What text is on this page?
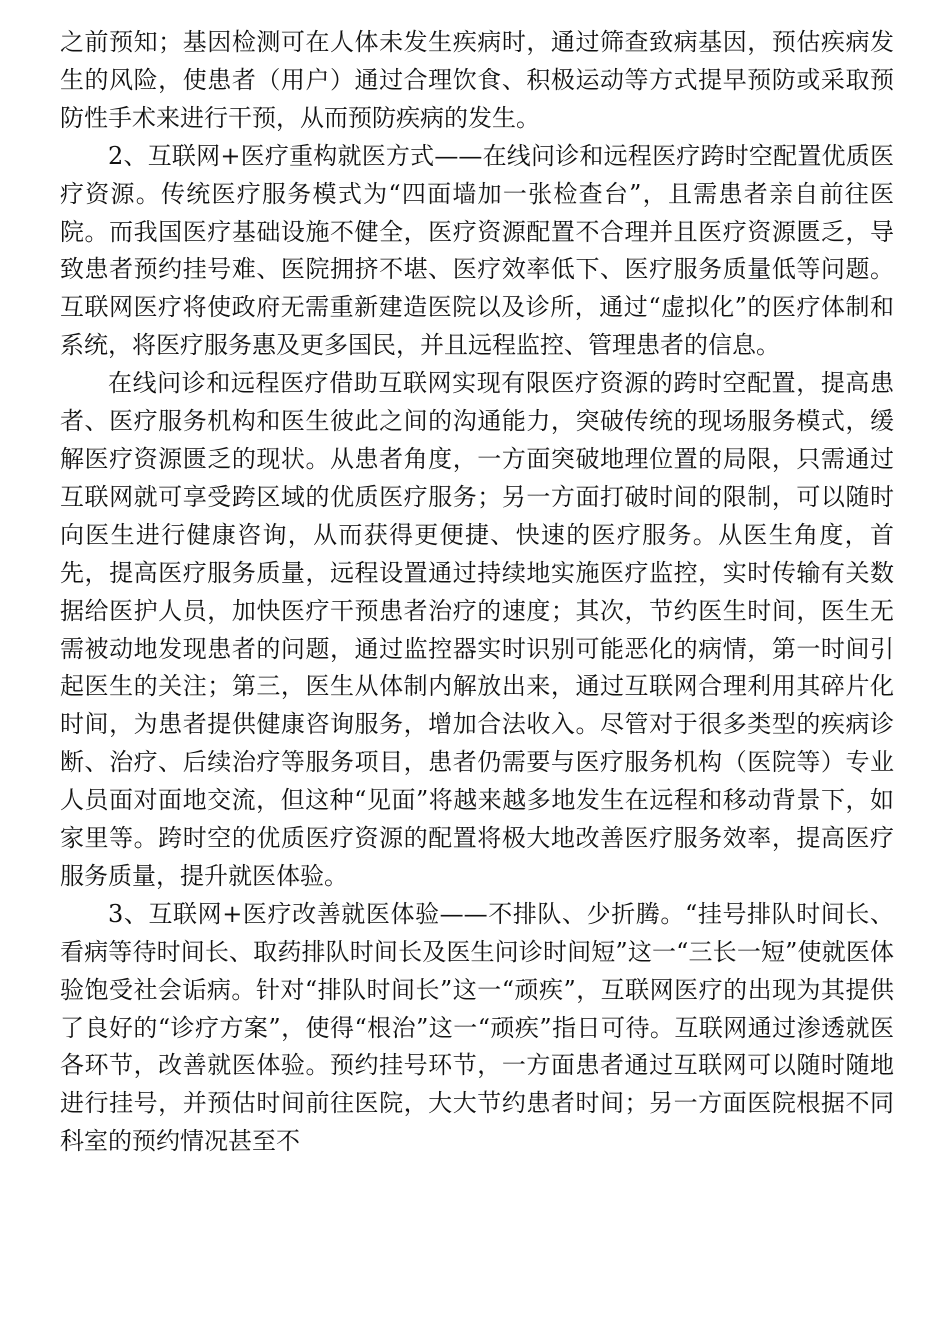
之前预知；基因检测可在人体未发生疾病时，通过筛查致病基因，预估疾病发生的风险，使患者（用户）通过合理饮食、积极运动等方式提早预防或采取预防性手术来进行干预，从而预防疾病的发生。

2、互联网+医疗重构就医方式——在线问诊和远程医疗跨时空配置优质医疗资源。传统医疗服务模式为“四面墙加一张检查台”，且需患者亲自前往医院。而我国医疗基础设施不健全，医疗资源配置不合理并且医疗资源匮乏，导致患者预约挂号难、医院拥挤不堪、医疗效率低下、医疗服务质量低等问题。互联网医疗将使政府无需重新建造医院以及诊所，通过“虚拟化”的医疗体制和系统，将医疗服务惠及更多国民，并且远程监控、管理患者的信息。

在线问诊和远程医疗借助互联网实现有限医疗资源的跨时空配置，提高患者、医疗服务机构和医生彼此之间的沟通能力，突破传统的现场服务模式，缓解医疗资源匮乏的现状。从患者角度，一方面突破地理位置的局限，只需通过互联网就可享受跨区域的优质医疗服务；另一方面打破时间的限制，可以随时向医生进行健康咨询，从而获得更便捷、快速的医疗服务。从医生角度，首先，提高医疗服务质量，远程设置通过持续地实施医疗监控，实时传输有关数据给医护人员，加快医疗干预患者治疗的速度；其次，节约医生时间，医生无需被动地发现患者的问题，通过监控器实时识别可能恶化的病情，第一时间引起医生的关注；第三，医生从体制内解放出来，通过互联网合理利用其碎片化时间，为患者提供健康咨询服务，增加合法收入。尽管对于很多类型的疾病诊断、治疗、后续治疗等服务项目，患者仍需要与医疗服务机构（医院等）专业人员面对面地交流，但这种“见面”将越来越多地发生在远程和移动背景下，如家里等。跨时空的优质医疗资源的配置将极大地改善医疗服务效率，提高医疗服务质量，提升就医体验。

3、互联网+医疗改善就医体验——不排队、少折腾。“挂号排队时间长、看病等待时间长、取药排队时间长及医生问诊时间短”这一“三长一短”使就医体验饱受社会诟病。针对“排队时间长”这一“顽疾”，互联网医疗的出现为其提供了良好的“诊疗方案”，使得“根治”这一“顽疾”指日可待。互联网通过渗透就医各环节，改善就医体验。预约挂号环节，一方面患者通过互联网可以随时随地进行挂号，并预估时间前往医院，大大节约患者时间；另一方面医院根据不同科室的预约情况甚至不
